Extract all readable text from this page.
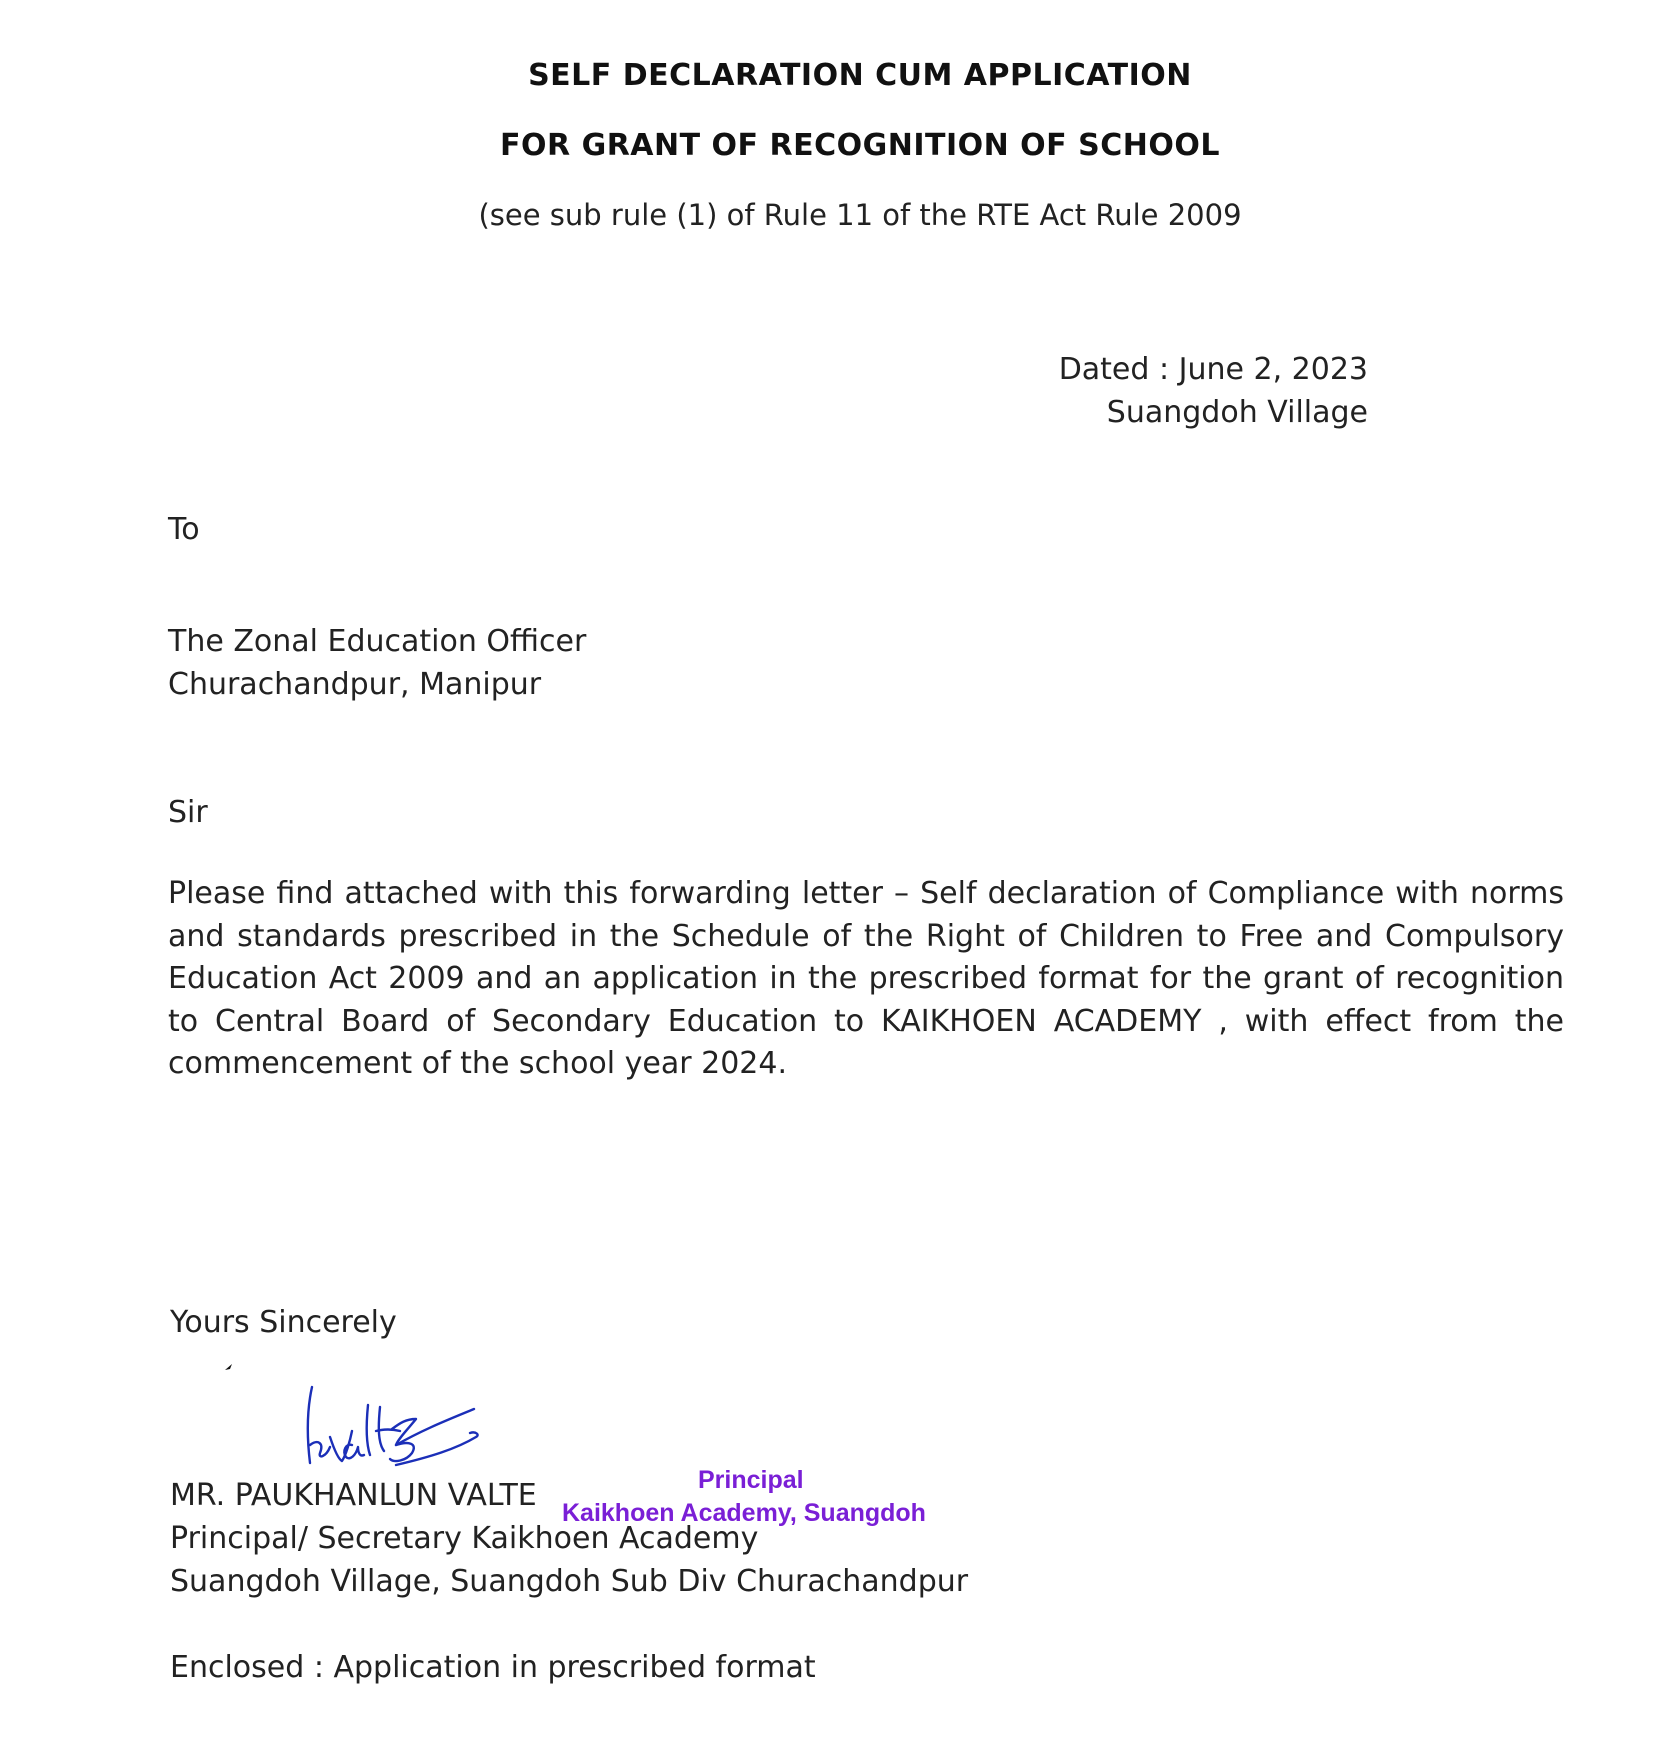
SELF DECLARATION CUM APPLICATION
FOR GRANT OF RECOGNITION OF SCHOOL
(see sub rule (1) of Rule 11 of the RTE Act Rule 2009
Dated : June 2, 2023
Suangdoh Village
To
The Zonal Education Officer
Churachandpur, Manipur
Sir
Please find attached with this forwarding letter – Self declaration of Compliance with norms and standards prescribed in the Schedule of the Right of Children to Free and Compulsory Education Act 2009 and an application in the prescribed format for the grant of recognition to Central Board of Secondary Education to KAIKHOEN ACADEMY , with effect from the commencement of the school year 2024.
Yours Sincerely
MR. PAUKHANLUN VALTE
Principal/ Secretary Kaikhoen Academy
Suangdoh Village, Suangdoh Sub Div Churachandpur
Principal
Kaikhoen Academy, Suangdoh
Enclosed : Application in prescribed format
